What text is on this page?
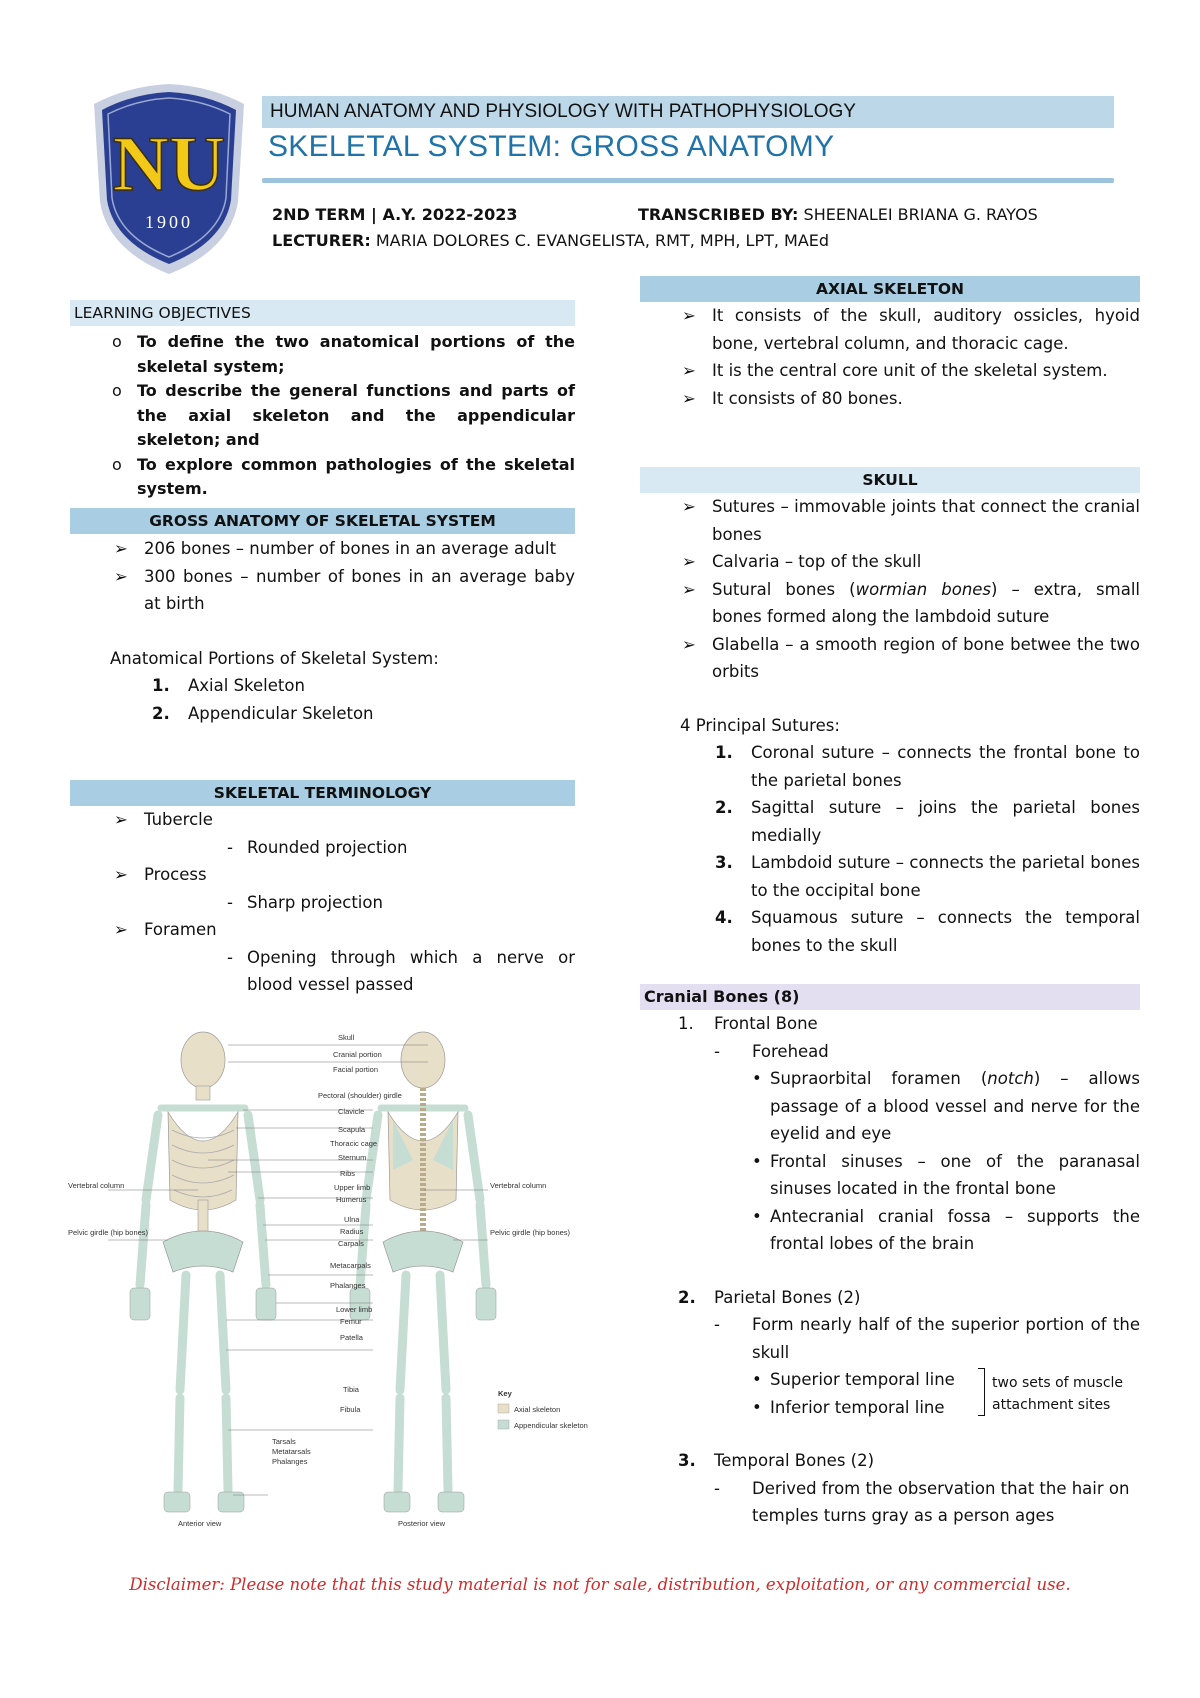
NU
1900
HUMAN ANATOMY AND PHYSIOLOGY WITH PATHOPHYSIOLOGY
SKELETAL SYSTEM: GROSS ANATOMY
2ND TERM | A.Y. 2022-2023	TRANSCRIBED BY: SHEENALEI BRIANA G. RAYOS
LECTURER: MARIA DOLORES C. EVANGELISTA, RMT, MPH, LPT, MAEd
LEARNING OBJECTIVES
o To define the two anatomical portions of the skeletal system;
o To describe the general functions and parts of the axial skeleton and the appendicular skeleton; and
o To explore common pathologies of the skeletal system.
GROSS ANATOMY OF SKELETAL SYSTEM
➢ 206 bones – number of bones in an average adult
➢ 300 bones – number of bones in an average baby at birth
Anatomical Portions of Skeletal System:
1. Axial Skeleton
2. Appendicular Skeleton
SKELETAL TERMINOLOGY
➢ Tubercle
- Rounded projection
➢ Process
- Sharp projection
➢ Foramen
- Opening through which a nerve or blood vessel passed
Skull
Cranial portion
Facial portion
Pectoral (shoulder) girdle
Clavicle
Scapula
Thoracic cage
Sternum
Ribs
Upper limb
Humerus
Ulna
Radius
Carpals
Metacarpals
Phalanges
Lower limb
Femur
Patella
Tibia
Fibula
Tarsals
Metatarsals
Phalanges
Vertebral column
Pelvic girdle (hip bones)
Vertebral column
Pelvic girdle (hip bones)
Anterior view	Posterior view
Key
Axial skeleton
Appendicular skeleton
AXIAL SKELETON
➢ It consists of the skull, auditory ossicles, hyoid bone, vertebral column, and thoracic cage.
➢ It is the central core unit of the skeletal system.
➢ It consists of 80 bones.
SKULL
➢ Sutures – immovable joints that connect the cranial bones
➢ Calvaria – top of the skull
➢ Sutural bones (wormian bones) – extra, small bones formed along the lambdoid suture
➢ Glabella – a smooth region of bone betwee the two orbits
4 Principal Sutures:
1. Coronal suture – connects the frontal bone to the parietal bones
2. Sagittal suture – joins the parietal bones medially
3. Lambdoid suture – connects the parietal bones to the occipital bone
4. Squamous suture – connects the temporal bones to the skull
Cranial Bones (8)
1. Frontal Bone
- Forehead
• Supraorbital foramen (notch) – allows passage of a blood vessel and nerve for the eyelid and eye
• Frontal sinuses – one of the paranasal sinuses located in the frontal bone
• Antecranial cranial fossa – supports the frontal lobes of the brain
2. Parietal Bones (2)
- Form nearly half of the superior portion of the skull
• Superior temporal line
• Inferior temporal line
two sets of muscle attachment sites
3. Temporal Bones (2)
- Derived from the observation that the hair on temples turns gray as a person ages
Disclaimer: Please note that this study material is not for sale, distribution, exploitation, or any commercial use.
